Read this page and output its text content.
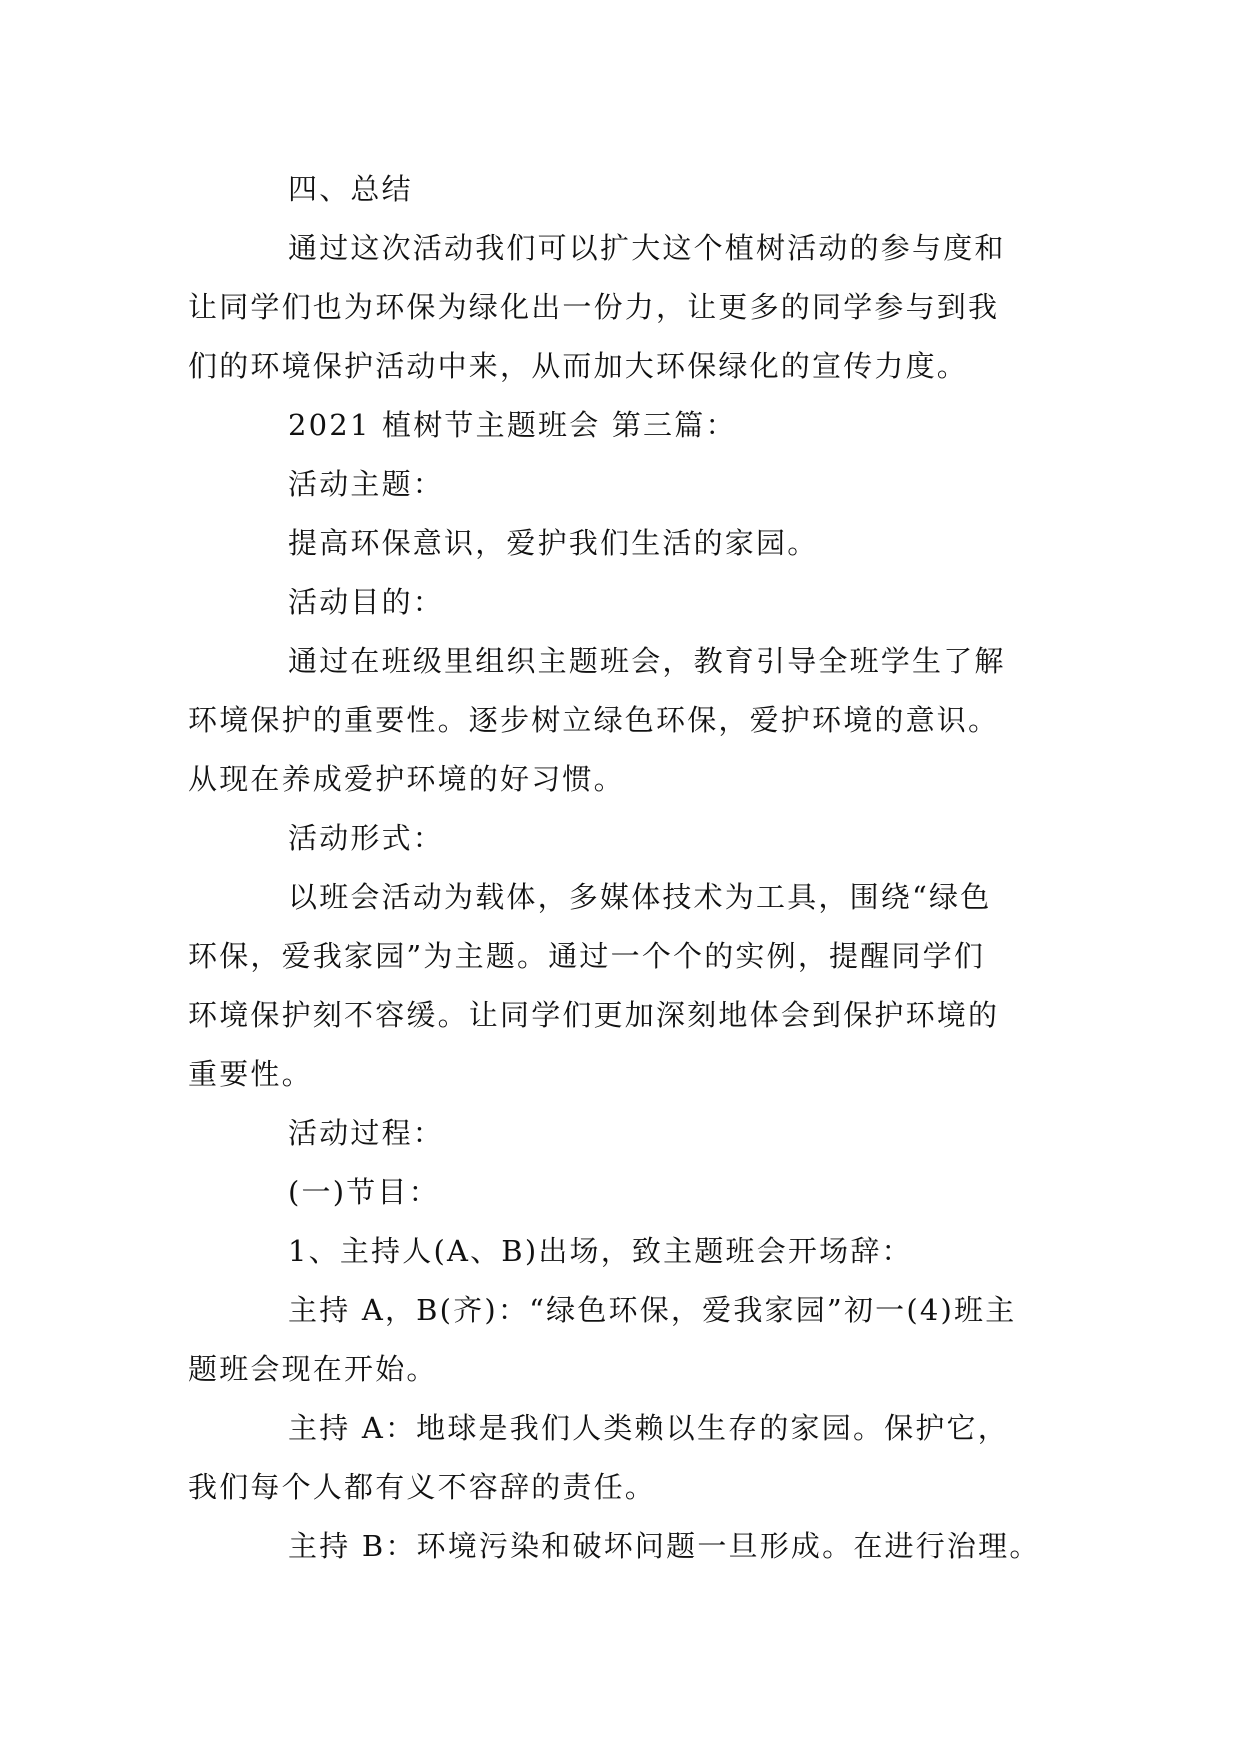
四、总结
通过这次活动我们可以扩大这个植树活动的参与度和
让同学们也为环保为绿化出一份力，让更多的同学参与到我
们的环境保护活动中来，从而加大环保绿化的宣传力度。
2021 植树节主题班会 第三篇：
活动主题：
提高环保意识，爱护我们生活的家园。
活动目的：
通过在班级里组织主题班会，教育引导全班学生了解
环境保护的重要性。逐步树立绿色环保，爱护环境的意识。
从现在养成爱护环境的好习惯。
活动形式：
以班会活动为载体，多媒体技术为工具，围绕“绿色
环保，爱我家园”为主题。通过一个个的实例，提醒同学们
环境保护刻不容缓。让同学们更加深刻地体会到保护环境的
重要性。
活动过程：
(一)节目：
1、主持人(A、B)出场，致主题班会开场辞：
主持 A，B(齐)：“绿色环保，爱我家园”初一(4)班主
题班会现在开始。
主持 A：地球是我们人类赖以生存的家园。保护它，
我们每个人都有义不容辞的责任。
主持 B：环境污染和破坏问题一旦形成。在进行治理。
